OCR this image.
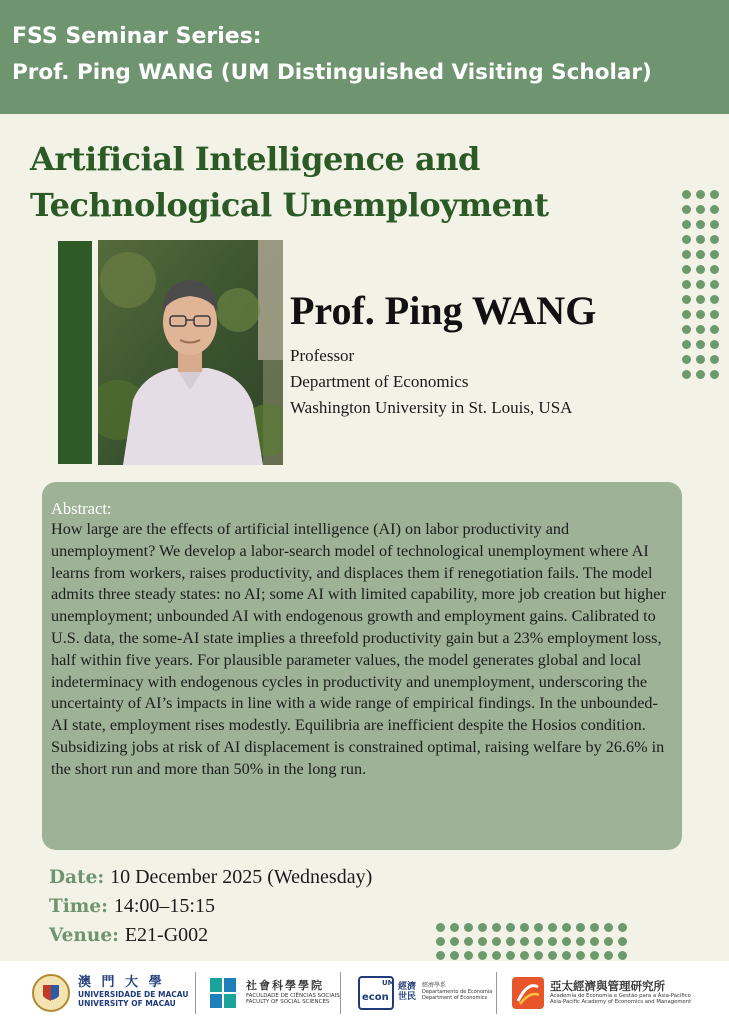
FSS Seminar Series:
Prof. Ping WANG (UM Distinguished Visiting Scholar)
Artificial Intelligence and Technological Unemployment
Prof. Ping WANG
Professor
Department of Economics
Washington University in St. Louis, USA
Abstract:
How large are the effects of artificial intelligence (AI) on labor productivity and unemployment? We develop a labor-search model of technological unemployment where AI learns from workers, raises productivity, and displaces them if renegotiation fails. The model admits three steady states: no AI; some AI with limited capability, more job creation but higher unemployment; unbounded AI with endogenous growth and employment gains. Calibrated to U.S. data, the some-AI state implies a threefold productivity gain but a 23% employment loss, half within five years. For plausible parameter values, the model generates global and local indeterminacy with endogenous cycles in productivity and unemployment, underscoring the uncertainty of AI’s impacts in line with a wide range of empirical findings. In the unbounded-AI state, employment rises modestly. Equilibria are inefficient despite the Hosios condition. Subsidizing jobs at risk of AI displacement is constrained optimal, raising welfare by 26.6% in the short run and more than 50% in the long run.
Date: 10 December 2025 (Wednesday)
Time: 14:00–15:15
Venue: E21-G002
澳 門 大 學
UNIVERSIDADE DE MACAU
UNIVERSITY OF MACAU
社會科學學院
FACULDADE DE CIÊNCIAS SOCIAIS
FACULTY OF SOCIAL SCIENCES	econ
UM 經濟
世民
經濟學系
Departamento de Economia
Department of Economics
亞太經濟與管理研究所
Academia de Economia e Gestão para a Ásia-Pacífico
Asia-Pacific Academy of Economics and Management
